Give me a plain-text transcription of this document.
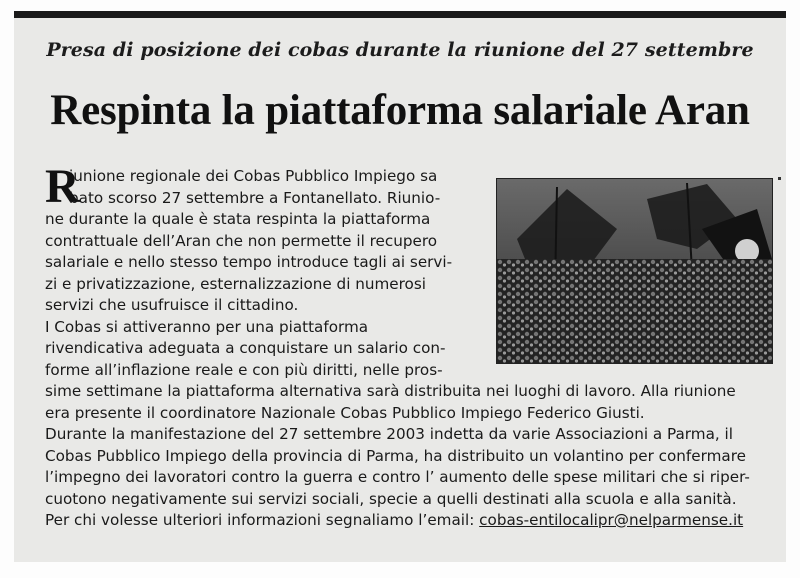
Presa di posizione dei cobas durante la riunione del 27 settembre
Respinta la piattaforma salariale Aran
R
iunione regionale dei Cobas Pubblico Impiego sa
bato scorso 27 settembre a Fontanellato. Riunio-
ne durante la quale è stata respinta la piattaforma
contrattuale dell’Aran che non permette il recupero
salariale e nello stesso tempo introduce tagli ai servi-
zi e privatizzazione, esternalizzazione di numerosi
servizi che usufruisce il cittadino.
I Cobas si attiveranno per una piattaforma
rivendicativa adeguata a conquistare un salario con-
forme all’inflazione reale e con più diritti, nelle pros-
sime settimane la piattaforma alternativa sarà distribuita nei luoghi di lavoro. Alla riunione
era presente il coordinatore Nazionale Cobas Pubblico Impiego Federico Giusti.
Durante la manifestazione del 27 settembre 2003 indetta da varie Associazioni a Parma, il
Cobas Pubblico Impiego della provincia di Parma, ha distribuito un volantino per confermare
l’impegno dei lavoratori contro la guerra e contro l’ aumento delle spese militari che si riper-
cuotono negativamente sui servizi sociali, specie a quelli destinati alla scuola e alla sanità.
Per chi volesse ulteriori informazioni segnaliamo l’email: cobas-entilocalipr@nelparmense.it
